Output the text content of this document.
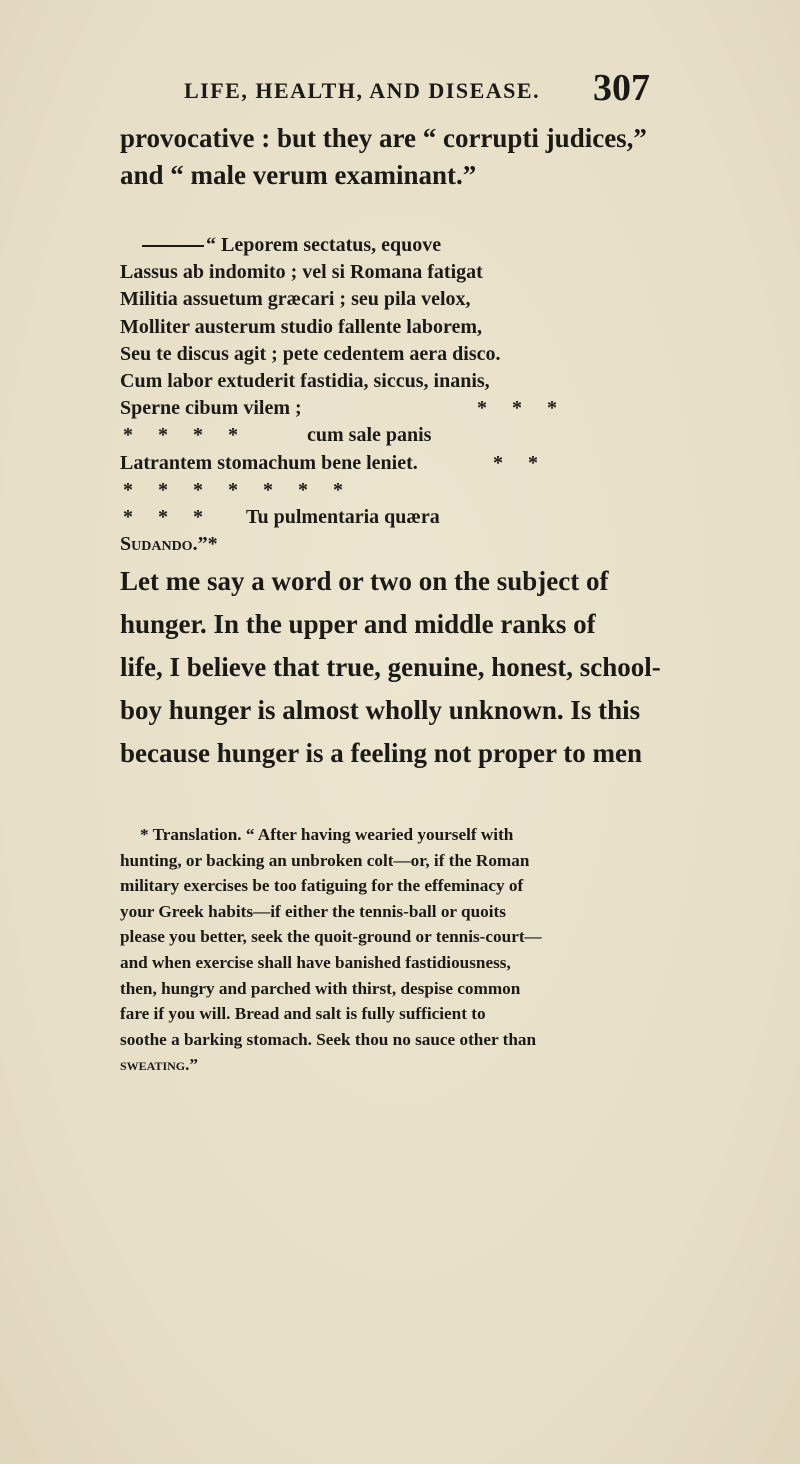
LIFE, HEALTH, AND DISEASE. 307
provocative : but they are “ corrupti judices,”
and “ male verum examinant.”
“ Leporem sectatus, equove
Lassus ab indomito ; vel si Romana fatigat
Militia assuetum græcari ; seu pila velox,
Molliter austerum studio fallente laborem,
Seu te discus agit ; pete cedentem aera disco.
Cum labor extuderit fastidia, siccus, inanis,
Sperne cibum vilem ;	* * *
* * * *	cum sale panis
Latrantem stomachum bene leniet.	* *
* * * * * * *
* * *	Tu pulmentaria quæra
Sudando.”*
Let me say a word or two on the subject of
hunger. In the upper and middle ranks of
life, I believe that true, genuine, honest, school-
boy hunger is almost wholly unknown. Is this
because hunger is a feeling not proper to men
* Translation. “ After having wearied yourself with
hunting, or backing an unbroken colt—or, if the Roman
military exercises be too fatiguing for the effeminacy of
your Greek habits—if either the tennis-ball or quoits
please you better, seek the quoit-ground or tennis-court—
and when exercise shall have banished fastidiousness,
then, hungry and parched with thirst, despise common
fare if you will. Bread and salt is fully sufficient to
soothe a barking stomach. Seek thou no sauce other than
sweating.”
